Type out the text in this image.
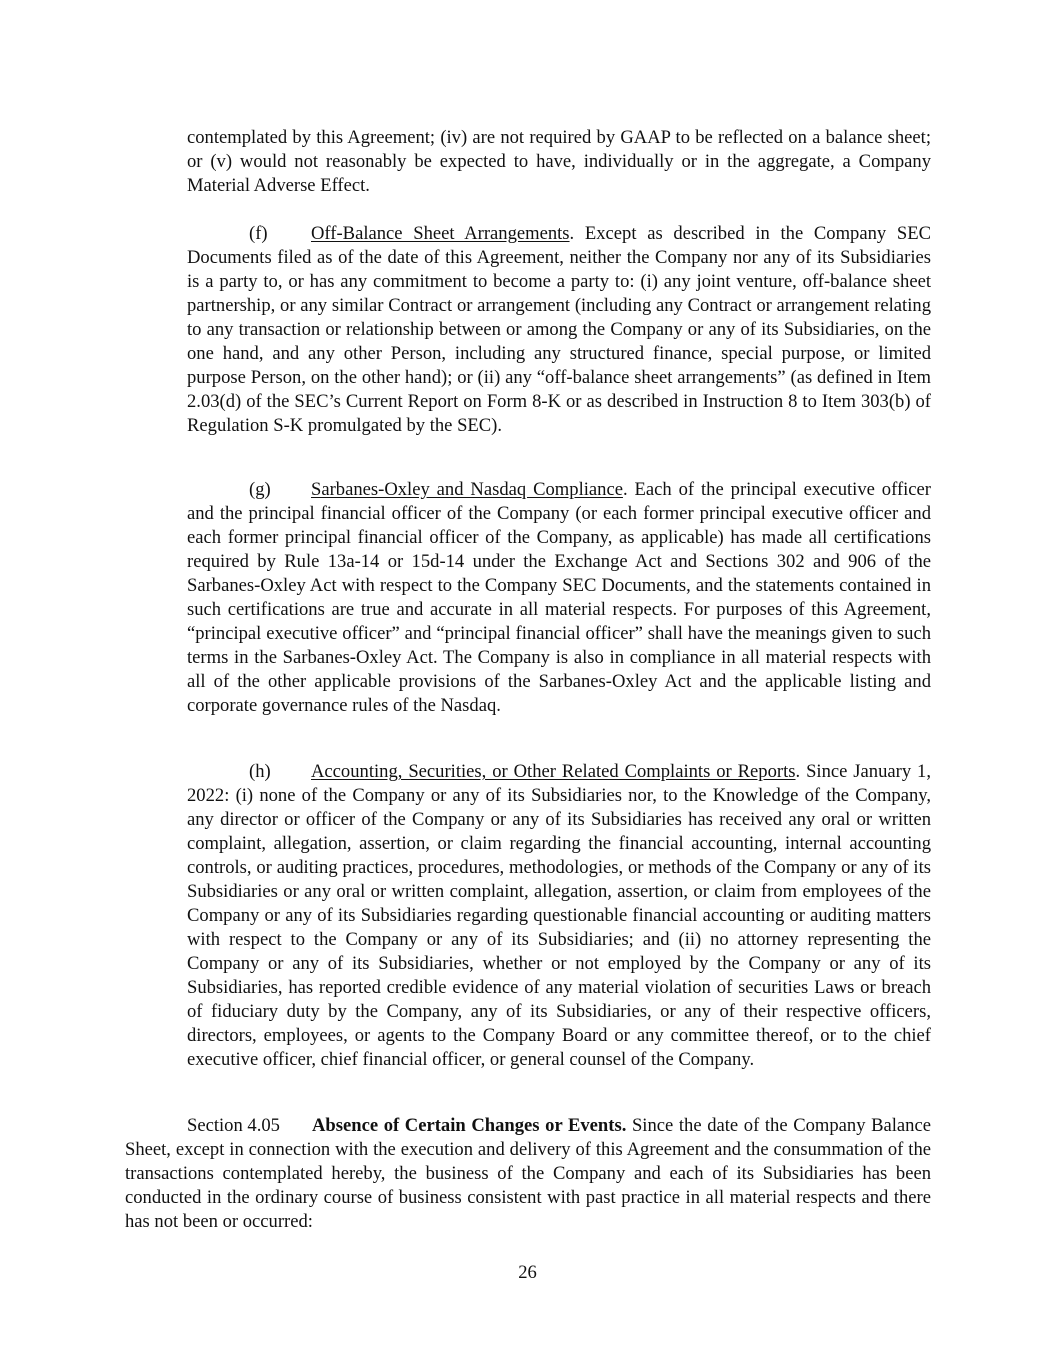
contemplated by this Agreement; (iv) are not required by GAAP to be reflected on a balance sheet; or (v) would not reasonably be expected to have, individually or in the aggregate, a Company Material Adverse Effect.

(f) Off-Balance Sheet Arrangements. Except as described in the Company SEC Documents filed as of the date of this Agreement, neither the Company nor any of its Subsidiaries is a party to, or has any commitment to become a party to: (i) any joint venture, off-balance sheet partnership, or any similar Contract or arrangement (including any Contract or arrangement relating to any transaction or relationship between or among the Company or any of its Subsidiaries, on the one hand, and any other Person, including any structured finance, special purpose, or limited purpose Person, on the other hand); or (ii) any “off-balance sheet arrangements” (as defined in Item 2.03(d) of the SEC’s Current Report on Form 8-K or as described in Instruction 8 to Item 303(b) of Regulation S-K promulgated by the SEC).

(g) Sarbanes-Oxley and Nasdaq Compliance. Each of the principal executive officer and the principal financial officer of the Company (or each former principal executive officer and each former principal financial officer of the Company, as applicable) has made all certifications required by Rule 13a-14 or 15d-14 under the Exchange Act and Sections 302 and 906 of the Sarbanes-Oxley Act with respect to the Company SEC Documents, and the statements contained in such certifications are true and accurate in all material respects. For purposes of this Agreement, “principal executive officer” and “principal financial officer” shall have the meanings given to such terms in the Sarbanes-Oxley Act. The Company is also in compliance in all material respects with all of the other applicable provisions of the Sarbanes-Oxley Act and the applicable listing and corporate governance rules of the Nasdaq.

(h) Accounting, Securities, or Other Related Complaints or Reports. Since January 1, 2022: (i) none of the Company or any of its Subsidiaries nor, to the Knowledge of the Company, any director or officer of the Company or any of its Subsidiaries has received any oral or written complaint, allegation, assertion, or claim regarding the financial accounting, internal accounting controls, or auditing practices, procedures, methodologies, or methods of the Company or any of its Subsidiaries or any oral or written complaint, allegation, assertion, or claim from employees of the Company or any of its Subsidiaries regarding questionable financial accounting or auditing matters with respect to the Company or any of its Subsidiaries; and (ii) no attorney representing the Company or any of its Subsidiaries, whether or not employed by the Company or any of its Subsidiaries, has reported credible evidence of any material violation of securities Laws or breach of fiduciary duty by the Company, any of its Subsidiaries, or any of their respective officers, directors, employees, or agents to the Company Board or any committee thereof, or to the chief executive officer, chief financial officer, or general counsel of the Company.

Section 4.05 Absence of Certain Changes or Events. Since the date of the Company Balance Sheet, except in connection with the execution and delivery of this Agreement and the consummation of the transactions contemplated hereby, the business of the Company and each of its Subsidiaries has been conducted in the ordinary course of business consistent with past practice in all material respects and there has not been or occurred:

26
